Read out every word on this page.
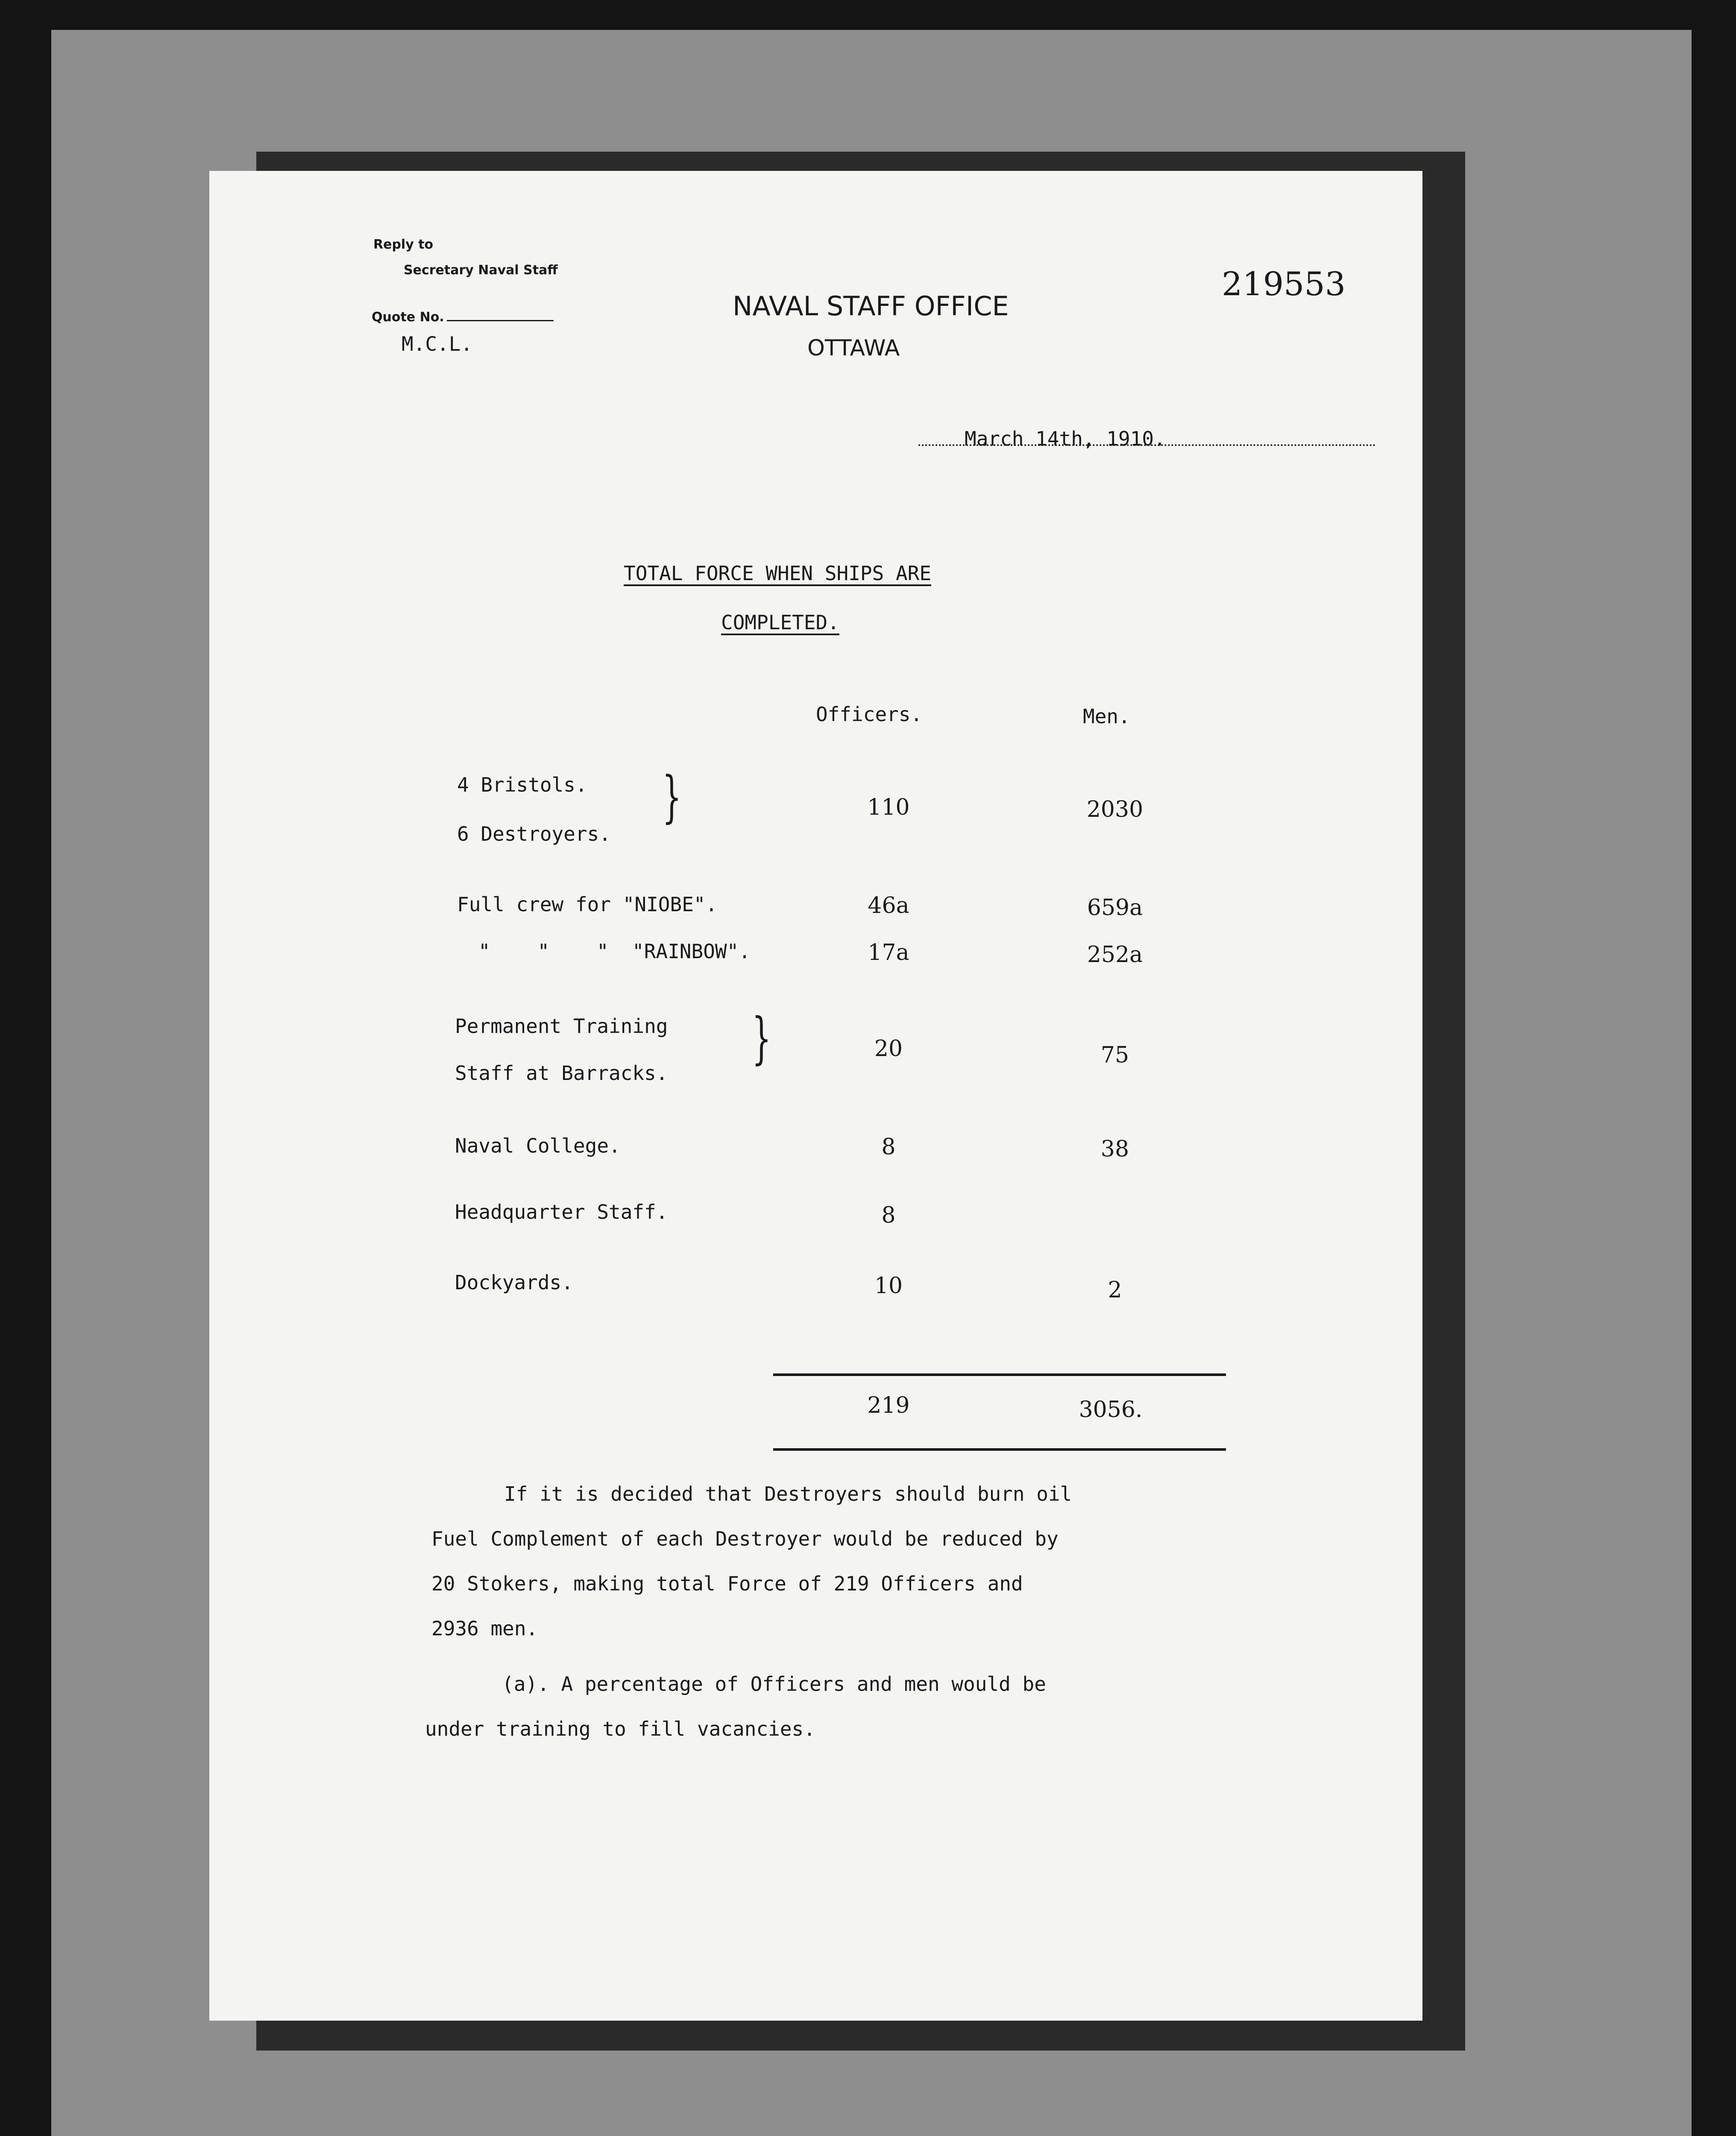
Reply to
Secretary Naval Staff
Quote No.
M.C.L.
NAVAL STAFF OFFICE
OTTAWA
219553
March 14th, 1910.
TOTAL FORCE WHEN SHIPS ARE
COMPLETED.
Officers.	Men.
4 Bristols.
6 Destroyers.
}	110	2030
Full crew for "NIOBE".	46a	659a
"    "    "  "RAINBOW".	17a	252a
Permanent Training
Staff at Barracks.
}	20	75
Naval College.	8	38
Headquarter Staff.	8
Dockyards.	10	2
219	3056.
If it is decided that Destroyers should burn oil
Fuel Complement of each Destroyer would be reduced by
20 Stokers, making total Force of 219 Officers and
2936 men.
(a). A percentage of Officers and men would be
under training to fill vacancies.
